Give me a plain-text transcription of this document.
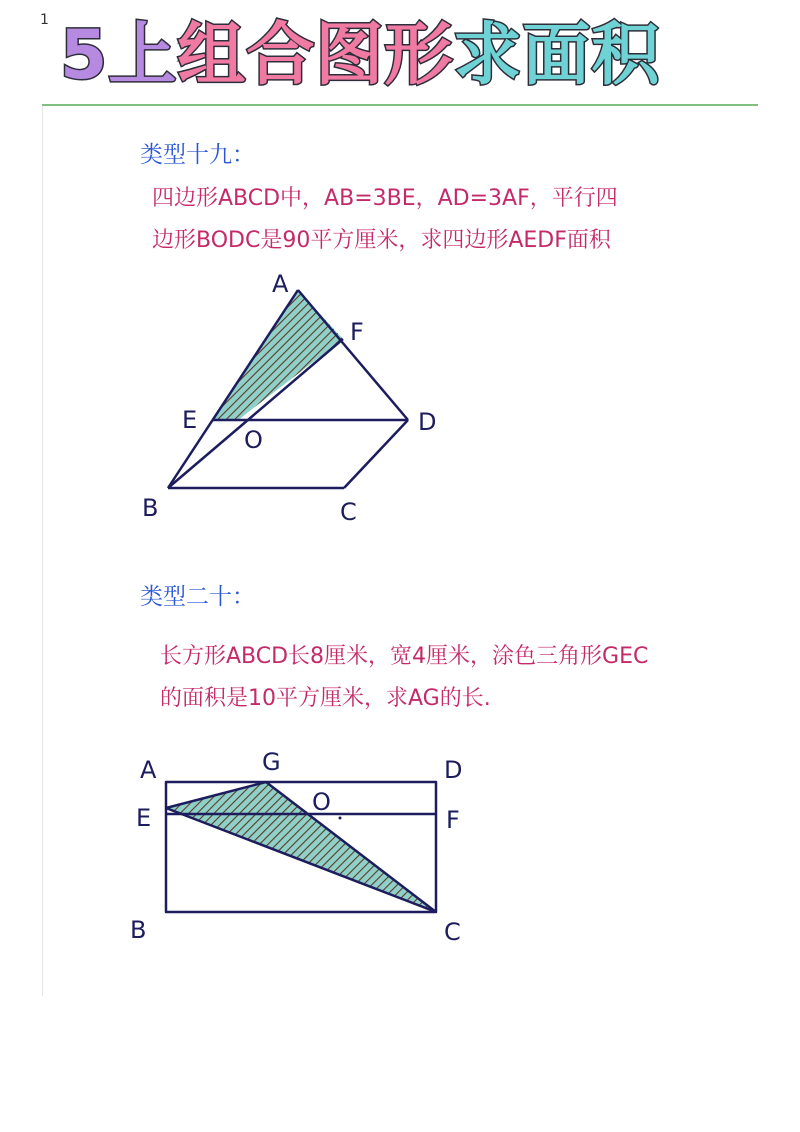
1 5 上 组 合 图 形 求 面 积
类型十九：
四边形ABCD中，AB=3BE，AD=3AF，平行四
边形BODC是90平方厘米，求四边形AEDF面积
类型二十：
长方形ABCD长8厘米，宽4厘米，涂色三角形GEC
的面积是10平方厘米，求AG的长.
A
F
E
O
D
B	C
A	G	D
E
O
F
B	C
